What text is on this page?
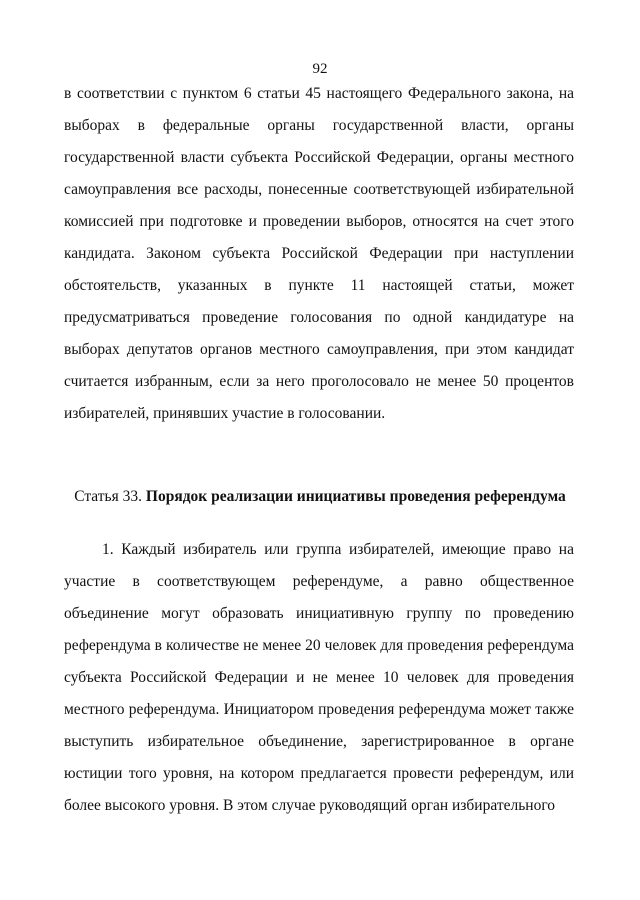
92
в соответствии с пунктом 6 статьи 45 настоящего Федерального закона, на
выборах в федеральные органы государственной власти, органы
государственной власти субъекта Российской Федерации, органы местного
самоуправления все расходы, понесенные соответствующей избирательной
комиссией при подготовке и проведении выборов, относятся на счет этого
кандидата. Законом субъекта Российской Федерации при наступлении
обстоятельств, указанных в пункте 11 настоящей статьи, может
предусматриваться проведение голосования по одной кандидатуре на
выборах депутатов органов местного самоуправления, при этом кандидат
считается избранным, если за него проголосовало не менее 50 процентов
избирателей, принявших участие в голосовании.
Статья 33. Порядок реализации инициативы проведения референдума
1. Каждый избиратель или группа избирателей, имеющие право на
участие в соответствующем референдуме, а равно общественное
объединение могут образовать инициативную группу по проведению
референдума в количестве не менее 20 человек для проведения референдума
субъекта Российской Федерации и не менее 10 человек для проведения
местного референдума. Инициатором проведения референдума может также
выступить избирательное объединение, зарегистрированное в органе
юстиции того уровня, на котором предлагается провести референдум, или
более высокого уровня. В этом случае руководящий орган избирательного
